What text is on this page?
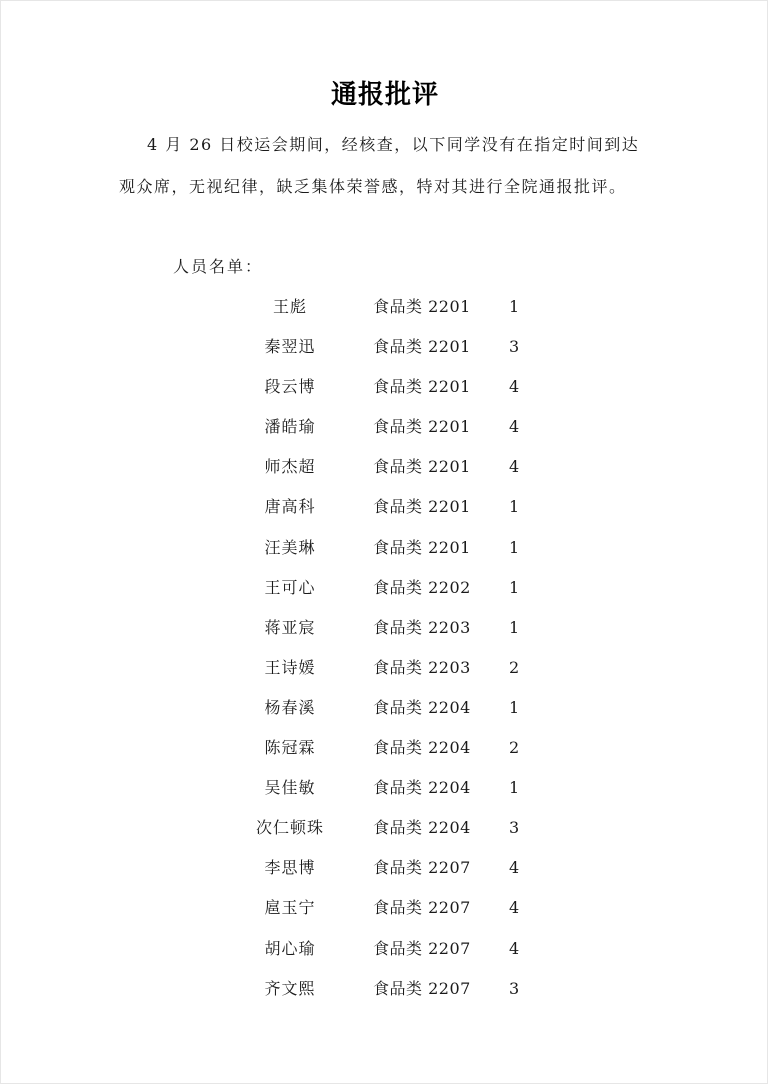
通报批评
4 月 26 日校运会期间，经核查，以下同学没有在指定时间到达
观众席，无视纪律，缺乏集体荣誉感，特对其进行全院通报批评。
人员名单：
王彪	食品类 2201 1
秦翌迅	食品类 2201 3
段云博	食品类 2201 4
潘皓瑜	食品类 2201 4
师杰超	食品类 2201 4
唐高科	食品类 2201 1
汪美琳	食品类 2201 1
王可心	食品类 2202 1
蒋亚宸	食品类 2203 1
王诗媛	食品类 2203 2
杨春溪	食品类 2204 1
陈冠霖	食品类 2204 2
吴佳敏	食品类 2204 1
次仁顿珠	食品类 2204 3
李思博	食品类 2207 4
扈玉宁	食品类 2207 4
胡心瑜	食品类 2207 4
齐文熙	食品类 2207 3
